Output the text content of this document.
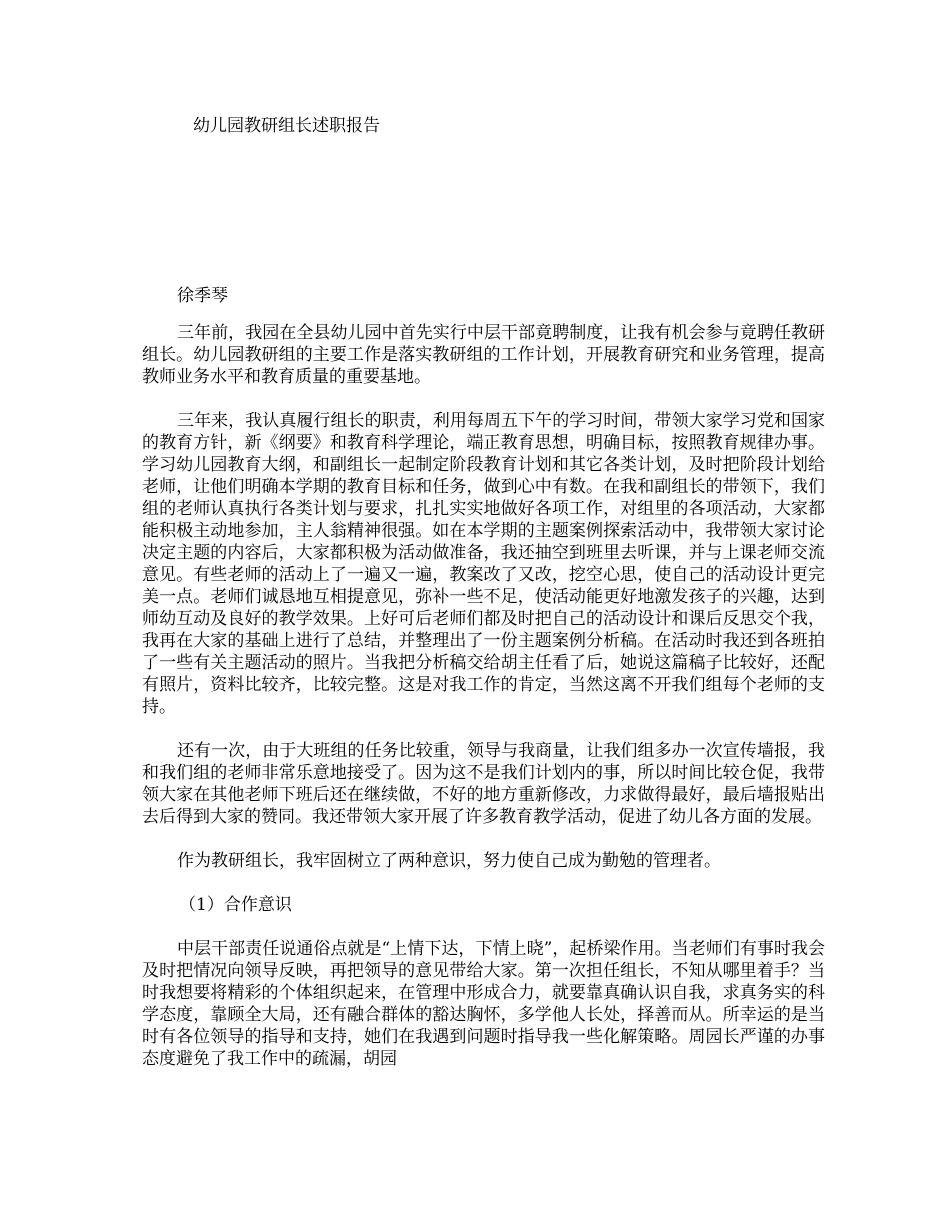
幼儿园教研组长述职报告
徐季琴

三年前，我园在全县幼儿园中首先实行中层干部竟聘制度，让我有机会参与竟聘任教研组长。幼儿园教研组的主要工作是落实教研组的工作计划，开展教育研究和业务管理，提高教师业务水平和教育质量的重要基地。

三年来，我认真履行组长的职责，利用每周五下午的学习时间，带领大家学习党和国家的教育方针，新《纲要》和教育科学理论，端正教育思想，明确目标，按照教育规律办事。学习幼儿园教育大纲，和副组长一起制定阶段教育计划和其它各类计划，及时把阶段计划给老师，让他们明确本学期的教育目标和任务，做到心中有数。在我和副组长的带领下，我们组的老师认真执行各类计划与要求，扎扎实实地做好各项工作，对组里的各项活动，大家都能积极主动地参加，主人翁精神很强。如在本学期的主题案例探索活动中，我带领大家讨论决定主题的内容后，大家都积极为活动做准备，我还抽空到班里去听课，并与上课老师交流意见。有些老师的活动上了一遍又一遍，教案改了又改，挖空心思，使自己的活动设计更完美一点。老师们诚恳地互相提意见，弥补一些不足，使活动能更好地激发孩子的兴趣，达到师幼互动及良好的教学效果。上好可后老师们都及时把自己的活动设计和课后反思交个我，我再在大家的基础上进行了总结，并整理出了一份主题案例分析稿。在活动时我还到各班拍了一些有关主题活动的照片。当我把分析稿交给胡主任看了后，她说这篇稿子比较好，还配有照片，资料比较齐，比较完整。这是对我工作的肯定，当然这离不开我们组每个老师的支持。

还有一次，由于大班组的任务比较重，领导与我商量，让我们组多办一次宣传墙报，我和我们组的老师非常乐意地接受了。因为这不是我们计划内的事，所以时间比较仓促，我带领大家在其他老师下班后还在继续做，不好的地方重新修改，力求做得最好，最后墙报贴出去后得到大家的赞同。我还带领大家开展了许多教育教学活动，促进了幼儿各方面的发展。

作为教研组长，我牢固树立了两种意识，努力使自己成为勤勉的管理者。

（1）合作意识

中层干部责任说通俗点就是“上情下达，下情上晓”，起桥梁作用。当老师们有事时我会及时把情况向领导反映，再把领导的意见带给大家。第一次担任组长，不知从哪里着手？当时我想要将精彩的个体组织起来，在管理中形成合力，就要靠真确认识自我，求真务实的科学态度，靠顾全大局，还有融合群体的豁达胸怀，多学他人长处，择善而从。所幸运的是当时有各位领导的指导和支持，她们在我遇到问题时指导我一些化解策略。周园长严谨的办事态度避免了我工作中的疏漏，胡园
